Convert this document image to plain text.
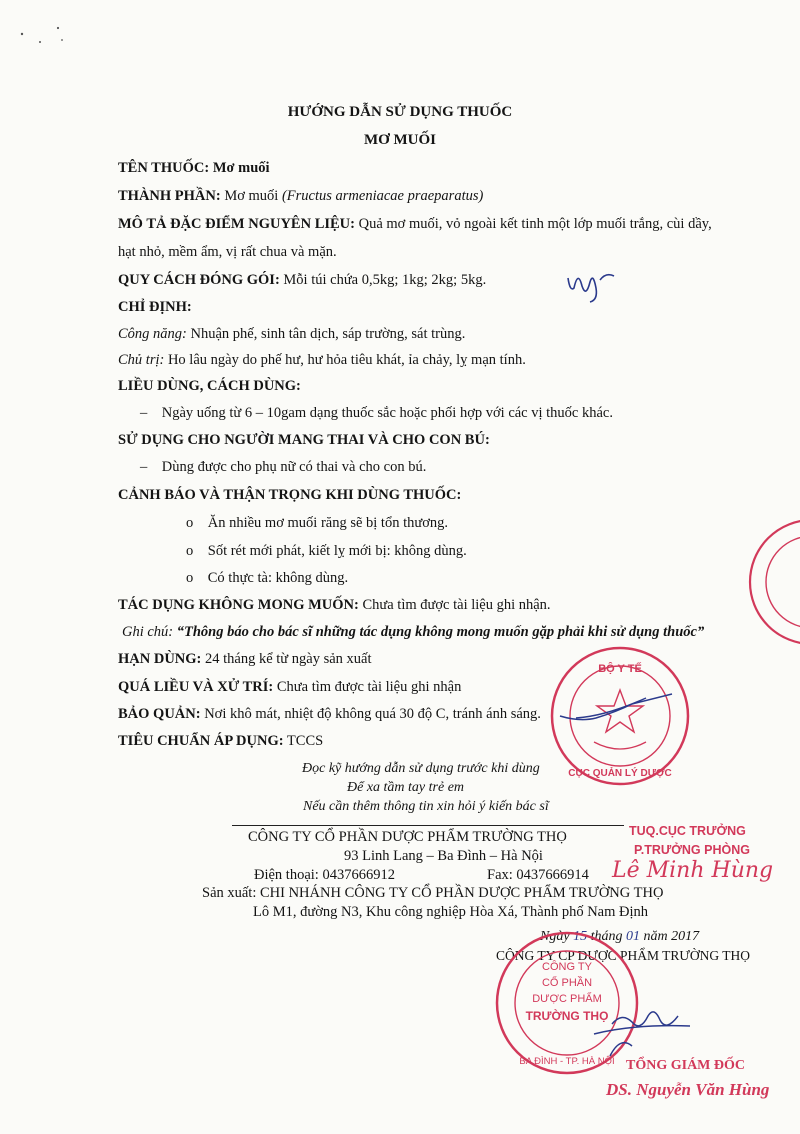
HƯỚNG DẪN SỬ DỤNG THUỐC
MƠ MUỐI
TÊN THUỐC: Mơ muối
THÀNH PHẦN: Mơ muối (Fructus armeniacae praeparatus)
MÔ TẢ ĐẶC ĐIỂM NGUYÊN LIỆU: Quả mơ muối, vỏ ngoài kết tinh một lớp muối trắng, cùi dầy,
hạt nhỏ, mềm ẩm, vị rất chua và mặn.
QUY CÁCH ĐÓNG GÓI: Mỗi túi chứa 0,5kg; 1kg; 2kg; 5kg.
CHỈ ĐỊNH:
Công năng: Nhuận phế, sinh tân dịch, sáp trường, sát trùng.
Chủ trị: Ho lâu ngày do phế hư, hư hỏa tiêu khát, ỉa chảy, lỵ mạn tính.
LIỀU DÙNG, CÁCH DÙNG:
– Ngày uống từ 6 – 10gam dạng thuốc sắc hoặc phối hợp với các vị thuốc khác.
SỬ DỤNG CHO NGƯỜI MANG THAI VÀ CHO CON BÚ:
– Dùng được cho phụ nữ có thai và cho con bú.
CẢNH BÁO VÀ THẬN TRỌNG KHI DÙNG THUỐC:
o Ăn nhiều mơ muối răng sẽ bị tổn thương.
o Sốt rét mới phát, kiết lỵ mới bị: không dùng.
o Có thực tà: không dùng.
TÁC DỤNG KHÔNG MONG MUỐN: Chưa tìm được tài liệu ghi nhận.
Ghi chú: “Thông báo cho bác sĩ những tác dụng không mong muốn gặp phải khi sử dụng thuốc”
HẠN DÙNG: 24 tháng kể từ ngày sản xuất
QUÁ LIỀU VÀ XỬ TRÍ: Chưa tìm được tài liệu ghi nhận
BẢO QUẢN: Nơi khô mát, nhiệt độ không quá 30 độ C, tránh ánh sáng.
TIÊU CHUẨN ÁP DỤNG: TCCS
Đọc kỹ hướng dẫn sử dụng trước khi dùng
Để xa tầm tay trẻ em
Nếu cần thêm thông tin xin hỏi ý kiến bác sĩ
CÔNG TY CỔ PHẦN DƯỢC PHẨM TRƯỜNG THỌ
93 Linh Lang – Ba Đình – Hà Nội
Điện thoại: 0437666912	Fax: 0437666914
Sản xuất: CHI NHÁNH CÔNG TY CỔ PHẦN DƯỢC PHẨM TRƯỜNG THỌ
Lô M1, đường N3, Khu công nghiệp Hòa Xá, Thành phố Nam Định
TUQ.CỤC TRƯỞNG
P.TRƯỞNG PHÒNG
Lê Minh Hùng
Ngày 15 tháng 01 năm 2017
CÔNG TY CP DƯỢC PHẨM TRƯỜNG THỌ
TỔNG GIÁM ĐỐC
DS. Nguyễn Văn Hùng
BỘ Y TẾ
CỤC QUẢN LÝ DƯỢC
CÔNG TY
CỔ PHẦN
DƯỢC PHẨM
TRƯỜNG THỌ
BA ĐÌNH - TP. HÀ NỘI
